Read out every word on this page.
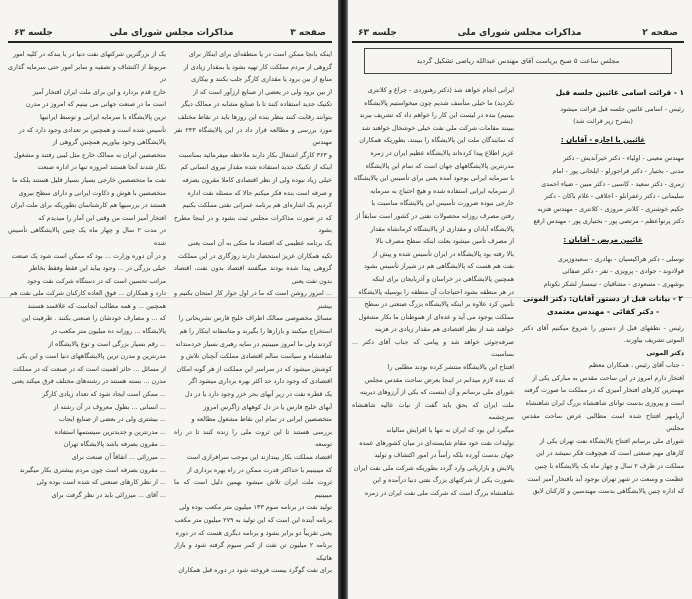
صفحه ۳
مذاکرات مجلس شورای ملی
جلسه ۶۳

اینکه بانجا ممکن است در یا منطقه‌ای برای اینکار برای

گروهی از مردم مملکت کار تهیه بشود یا بمقدار زیادی از

منابع از بین برود یا مقداری کارگر جلب بکنند و بیکاری

از بین برود ولی در بعضی از صنایع ارزآور است که از

تکنیک جدید استفاده کنند تا با صنایع مشابه در ممالک دیگر

بتوانند رقابت کنند بنظر بنده این روزها باید در نقاط مختلف

مورد بررسی و مطالعه قرار داد در این پالایشگاه ۲۴۳ نفر مهندس

و ۳۶۳ کارگر اشتغال بکار دارند ملاحظه میفرمائید بمناسبت

اینکه از تکنیک جدید استفاده شده مقدار نیروی انسانی کم

خیلی زیاد نبوده ولی از نظر اقتصادی کاملا مقرون بصرفه

و صرفه است بنده فکر میکنم حالا که مسئله نفت اداره

کردیم یک اشاره‌ای هم برنامه عمرانی نفتی مملکت بکنیم

که در صورت مذاکرات مجلس ثبت بشود و در اینجا مطرح بشود

یک برنامه عظیمی که اقتصاد ما متکی به آن است یعنی

تکیه همکاران عزیز استحضار دارند روزگاری در این مملکت

گروهی پیدا شده بودند میگفتند اقتصاد بدون نفت، اقتصاد بدون نفت یعنی

... امروز روشن است که ما در اول جوار کار امتحان بکنیم و بیشتر

مسائل مخصوصی ممالک اطراف خلیج فارس تشریحاتی را

استخراج میکنند و بازارها را بگیرند و متاسفانه اینکار را هم

کردند ولی ما امروز میبینیم در سایه رهبری بسیار خردمندانه

شاهنشاه و سیاست سالم اقتصادی مملکت آنچنان تلاش و

کوشش میشود که در سراسر این مملکت از هر گونه امکان

اقتصادی که وجود دارد حد اکثر بهره برداری میشود اگر

یک قطره نفت در زیر آبهای بحر خزر وجود دارد یا در دل

آبهای خلیج فارس یا در دل کوههای زاگرس امروز

متخصصین ایرانی در تمام این نقاط مشغول مطالعه و

بررسی هستند تا این ثروت ملی را زنده کنند تا در راه توسعه

اقتصاد مملکت بکار بیندازند این موجب سرافرازی است

که میبینیم با حداکثر قدرت ممکن در راه بهره برداری از

ثروت ملت ایران تلاش میشود بهمین دلیل است که ما میبینیم

تولید نفت در برنامه سوم ۱۳۳ میلیون متر مکعب بوده ولی

برنامه آینده این است که این تولید به ۲۷۹ میلیون متر مکعب

یعنی تقریباً دو برابر بشود و برنامه دیگری هست که در دوره

برنامه ۲ میلیون تن نفت از کمر سیوم گرفته شود و بازار هائیکه

برای نفت گوگرد بیست فروخته شود در دوره قبل همکاران

یک از بزرگترین شرکتهای نفت دنیا در یا بندکه در کلیه امور

مربوط از اکتشاف و تصفیه و سایر امور حتی سرمایه گذاری در

خارج قدم بردارد و این برای ملت ایران افتخار آمیز

است ما در صنعت جهانی می بینیم که امروز در مدرن

ترین پالایشگاه با سرمایه ایرانی و توسط ایرانیها

تأسیس شده است و همچنین بر تعدادی وجود دارد که در

پالایشگاهی وجود بیاوریم همچنین گروهی از

متخصصین ایران به ممالک خارج مثل لیبی رفتند و مشغول

بکار شدند آنجا هستند امروزه تنها در اداره صنعت

نفت ما متخصصین خارجی بسیار بسیار قلیل هستند بلکه ما

متخصصین با هوش و ذکاوت ایرانی و دارای سطح نیروی

هستند در بررسیها هم کارشناسان بطوریکه برای ملت ایران

افتخار آمیز است من وقتی این آمار را میدیدم که

در مدت ۲ سال و چهار ماه یک چنین پالایشگاهی تأسیس شده

و در آن دوره وزارت ... بود که ممکن است شود یک صنعت

خیلی بزرگی در ... وجود بیاید این فقط وفقط بخاطر

مراتب تحسین است که در دستگاه شرکت نفت وجود

دارد و همکاران ... فوق العاده کارکنان شرکت ملی نفت هم

همچنین ... و همه مطالب آنجاست که علاقمند هستند

که ... و مصارف خودشان را صنعتی بکنند . ظرفیت این

پالایشگاه ... روزانه ده میلیون متر مکعب در

... رقم بسیار بزرگی است و نوع پالایشگاه از

مدرنترین و مدرن ترین پالایشگاههای دنیا است و این یکی

از مسائل ... حائز اهمیت است که در صنعت که در مملکت

مدرن ... بسته هستند در رشته‌های مختلف فرق میکند یعنی

... ممکن است ایجاد شود که تعداد زیادی کارگر

... انسانی ... بطول معروف در آن رشته از

... بیشتری ولی در بعضی از صنایع ایجاب

... مدرنترین و جدیدترین سیستمها استفاده

... مقرون بصرفه باشد پالایشگاه تهران

... میرزائی ... اتفاقاً آن صنعت برای

... مقرون بصرفه است چون مردم بیشتری بکار میگیرند

... از نظر کارهای صنعتی که شده است بوده ولی

... آقای ... میرزائی باید در نظر گرفت برای

صفحه ۲
مذاکرات مجلس شورای ملی
جلسه ۶۳
مجلس ساعت ۵ صبح بریاست آقای مهندس عبدالله ریاضی تشکیل گردید

۱ - قرائت اسامی غائبین جلسه قبل

رئیس - اسامی غائبین جلسه قبل قرائت میشود

(بشرح زیر قرائت شد)

غائبین با اجازه - آقایان :

مهندس معینی - اولیاء - دکتر خیرآندیش - دکتر

مدنی - بختیار - دکتر قراجورلو - ایلخانی پور - امام

زمری - دکتر سعید - کاسبی - دکتر مبین - ضیاء احمدی

سلیمانی - دکتر زعفرانلو - اخلاقی - غلام باکان - دکتر

حکیم خوشنری - کلانتر مروزی - کلانتری - مهندس هنزیه

دکتر پرتواعظم - مرتضی پور - بختیاری پور - مهندس ارفع

غائبین مریض - آقایان :

توسلی - دکتر هراکیسیان - بهادری - سعیدوزیری

فولادوند - جوادی - پرویزی - تفر - دکتر صفائی

بوشهری - مسعودی - مشاقیان - تیمسار لشکر نکونام

۲ - بیانات قبل از دستور آقایان: دکتر الموتی - دکتر کفائی - مهندس معتمدی

رئیس - نطقهای قبل از دستور را شروع میکنیم آقای دکتر الموتی تشریف بیاورند.

دکتر الموتی

- جناب آقای رئیس ، همکاران معظم

افتخار دارم امروز در این ساحت مقدس به مبارکی یکی از

مهمترین کارهای افتخار آمیزی که در مملکت ما صورت گرفته

است و پیروزی بدست توانای شاهنشاه بزرگ ایران شاهنشاه

آریامهر افتتاح شده است مطالبی عرض ساحت مقدس مجلس

شورای ملی برسانم افتتاح پالایشگاه نفت تهران یکی از

کارهای مهم صنعتی است که هیچوقت فکر نمیشد در این

مملکت در ظرف ۲ سال و چهار ماه یک پالایشگاه با چنین

عظمت و وسعت در شهر تهران بوجود آید بافتخار آمیز است

که اداره چنین پالایشگاهی بدست مهندسین و کارکنان لایق

ایرانی انجام خواهد شد (دکتر رهنوردی - چراغ و کلانتری

نکردید) ما خیلی متأسف شدیم چون میخواستیم پالایشگاه

ببینیم) بنده در لیست این کار را خواهم داد که تشریف ببرند

ببینند مقامات شرکت ملی نفت خیلی خوشحال خواهند شد

که نمایندگان ملت این پالایشگاه را ببینند، بطوریکه همکاران

عزیز اطلاع پیدا کرده‌اند پالایشگاه عظیم ایران در زمره

مدرنترین پالایشگاههای جهان است که تمام این پالایشگاه

با سرمایه ایرانی بوجود آمده یعنی برای تأسیس این پالایشگاه

از سرمایه ایرانی استفاده شده و هیچ احتیاج به سرمایه

خارجی نبوده ضرورت تأسیس این پالایشگاه مناسبت با

رفتن مصرف روزانه محصولات نفتی در کشور است سابقاً از

پالایشگاه آبادان و مقداری از پالایشگاه کرمانشاه مقدار

از مصرف تأمین میشود بعلت اینکه سطح مصرف بالا

بالا رفته بود پالایشگاه در ایران تأسیس شده و پیش از

نفت هم هست که پالایشگاهی هم در شیراز تأسیس بشود

همچنین پالایشگاهی در خراسان و آذربایجان برای اینکه

در هر منطقه بشود احتیاجات آن منطقه را بوسیله پالایشگاه

تأمین کرد علاوه بر اینکه پالایشگاه بزرگ صنعتی در سطح

مملکت بوجود می آید و عده‌ای از هموطنان ما بکار مشغول

خواهند شد از نظر اقتصادی هم مقدار زیادی در هزینه

صرفه‌جوئی خواهد شد و پیامی که جناب آقای دکتر ... بمناسبت

افتتاح این پالایشگاه منتشر کرده بودند مطلبی را

که بنده لازم میدانم در اینجا بعرض ساحت مقدس مجلس

شورای ملی برسانم و آن اینست که یکی از آرزوهای دیرینه

ملت ایران که بحق باید گفت از نیات عالیه شاهنشاه سرچشمه

میگیرد این بود که ایران نه تنها با افزایش سالیانه

تولیدات نفت خود مقام شایسته‌ای در میان کشورهای عمده

جهان بدست آورده بلکه رأساً در امور اکتشاف و تولید

پالایش و بازاریابی وارد گردد بطوریکه شرکت ملی نفت ایران

بصورت یکی از شرکتهای بزرگ نفتی دنیا درآمده و این

شاهنشاه بزرگ است که شرکت ملی نفت ایران در زمره
